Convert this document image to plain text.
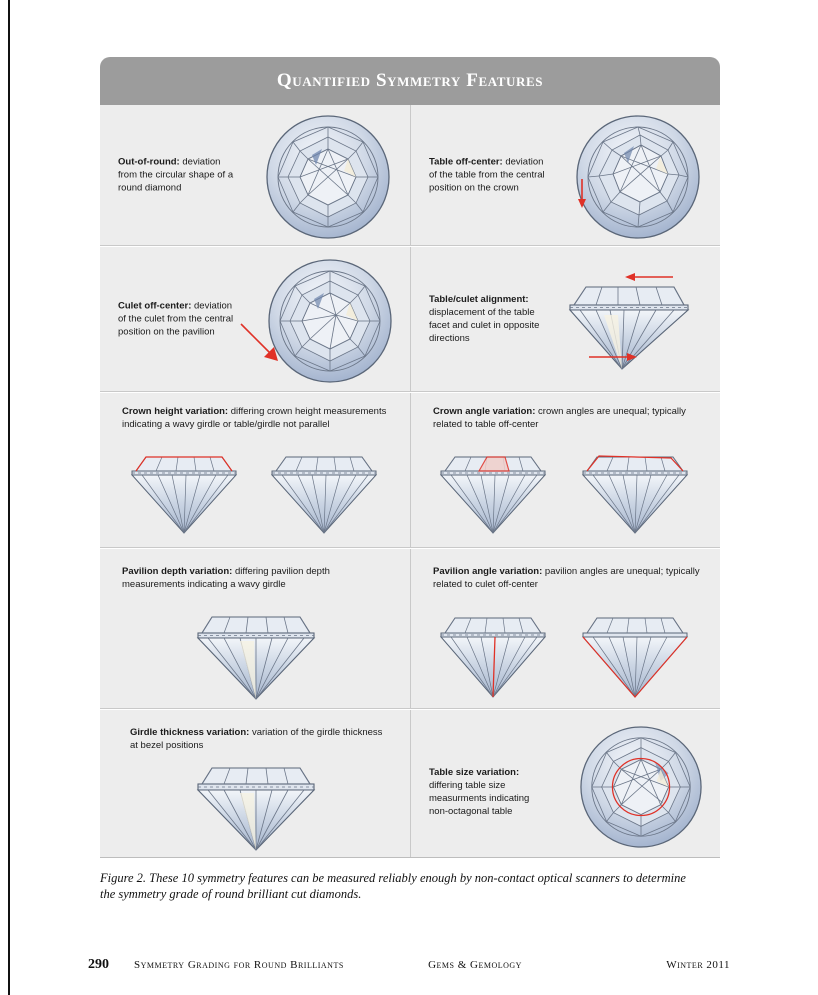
Quantified Symmetry Features
Out-of-round: deviation from the circular shape of a round diamond
Table off-center: deviation of the table from the central position on the crown
Culet off-center: deviation of the culet from the central position on the pavilion
Table/culet alignment: displacement of the table facet and culet in opposite directions
Crown height variation: differing crown height measurements indicating a wavy girdle or table/girdle not parallel
Crown angle variation: crown angles are unequal; typically related to table off-center
Pavilion depth variation: differing pavilion depth measurements indicating a wavy girdle
Pavilion angle variation: pavilion angles are unequal; typically related to culet off-center
Girdle thickness variation: variation of the girdle thickness at bezel positions
Table size variation: differing table size measurments indicating non-octagonal table
Figure 2. These 10 symmetry features can be measured reliably enough by non-contact optical scanners to determine the symmetry grade of round brilliant cut diamonds.
290	Symmetry Grading for Round Brilliants	Gems & Gemology	Winter 2011
